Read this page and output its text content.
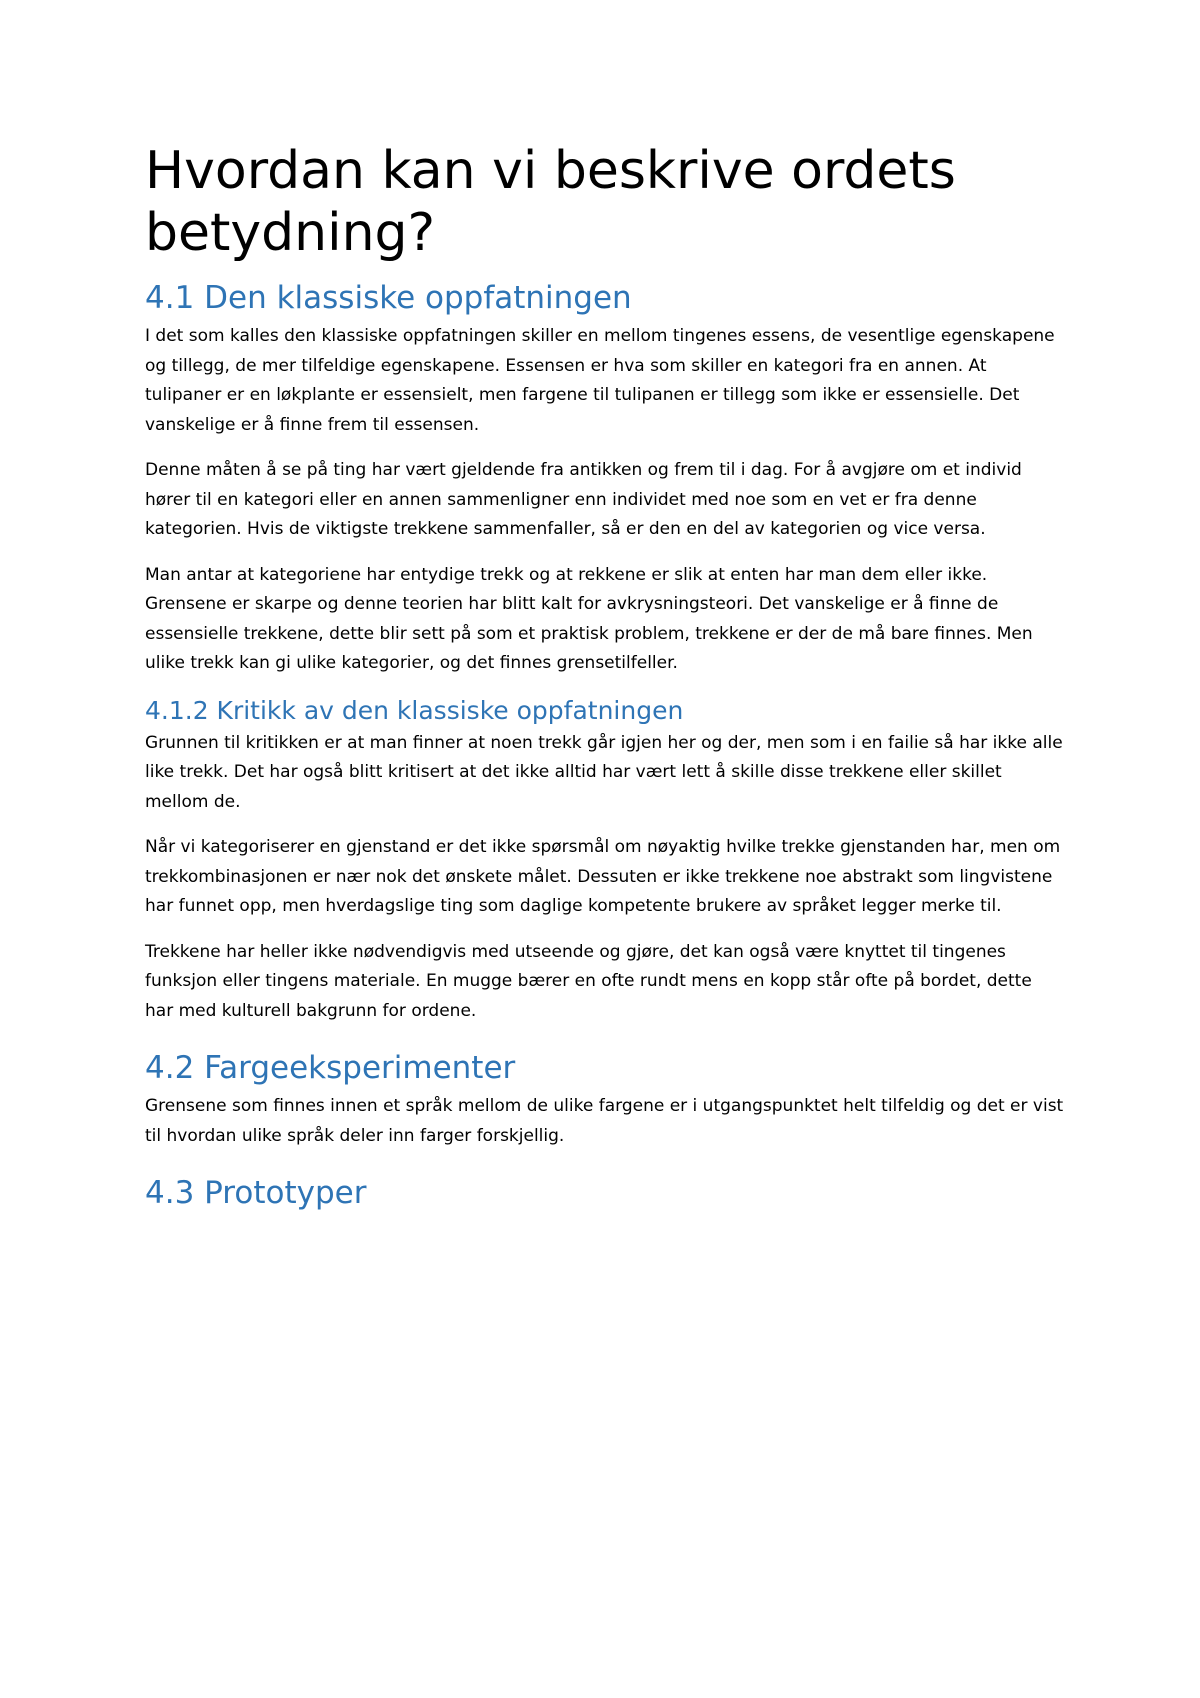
Hvordan kan vi beskrive ordets betydning?
4.1 Den klassiske oppfatningen

I det som kalles den klassiske oppfatningen skiller en mellom tingenes essens, de vesentlige egenskapene og tillegg, de mer tilfeldige egenskapene. Essensen er hva som skiller en kategori fra en annen. At tulipaner er en løkplante er essensielt, men fargene til tulipanen er tillegg som ikke er essensielle. Det vanskelige er å finne frem til essensen.

Denne måten å se på ting har vært gjeldende fra antikken og frem til i dag. For å avgjøre om et individ hører til en kategori eller en annen sammenligner enn individet med noe som en vet er fra denne kategorien. Hvis de viktigste trekkene sammenfaller, så er den en del av kategorien og vice versa.

Man antar at kategoriene har entydige trekk og at rekkene er slik at enten har man dem eller ikke. Grensene er skarpe og denne teorien har blitt kalt for avkrysningsteori. Det vanskelige er å finne de essensielle trekkene, dette blir sett på som et praktisk problem, trekkene er der de må bare finnes. Men ulike trekk kan gi ulike kategorier, og det finnes grensetilfeller.

4.1.2 Kritikk av den klassiske oppfatningen

Grunnen til kritikken er at man finner at noen trekk går igjen her og der, men som i en failie så har ikke alle like trekk. Det har også blitt kritisert at det ikke alltid har vært lett å skille disse trekkene eller skillet mellom de.

Når vi kategoriserer en gjenstand er det ikke spørsmål om nøyaktig hvilke trekke gjenstanden har, men om trekkombinasjonen er nær nok det ønskete målet. Dessuten er ikke trekkene noe abstrakt som lingvistene har funnet opp, men hverdagslige ting som daglige kompetente brukere av språket legger merke til.

Trekkene har heller ikke nødvendigvis med utseende og gjøre, det kan også være knyttet til tingenes funksjon eller tingens materiale. En mugge bærer en ofte rundt mens en kopp står ofte på bordet, dette har med kulturell bakgrunn for ordene.

4.2 Fargeeksperimenter

Grensene som finnes innen et språk mellom de ulike fargene er i utgangspunktet helt tilfeldig og det er vist til hvordan ulike språk deler inn farger forskjellig.

4.3 Prototyper
